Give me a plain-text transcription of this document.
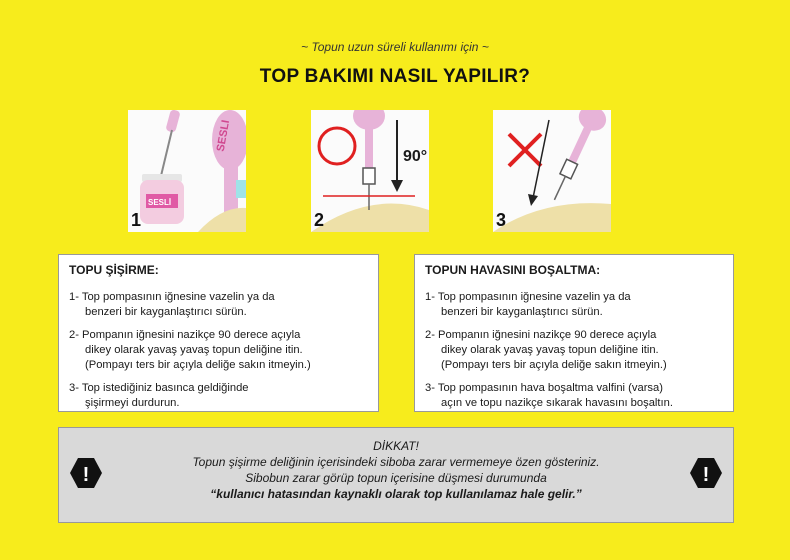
~ Topun uzun süreli kullanımı için ~
TOP BAKIMI NASIL YAPILIR?
SESLI
SESLİ
1
90°
2	3
TOPU ŞİŞİRME:
1- Top pompasının iğnesine vazelin ya da
benzeri bir kayganlaştırıcı sürün.
2- Pompanın iğnesini nazikçe 90 derece açıyla
dikey olarak yavaş yavaş topun deliğine itin.
(Pompayı ters bir açıyla deliğe sakın itmeyin.)
3- Top istediğiniz basınca geldiğinde
şişirmeyi durdurun.
TOPUN HAVASINI BOŞALTMA:
1- Top pompasının iğnesine vazelin ya da
benzeri bir kayganlaştırıcı sürün.
2- Pompanın iğnesini nazikçe 90 derece açıyla
dikey olarak yavaş yavaş topun deliğine itin.
(Pompayı ters bir açıyla deliğe sakın itmeyin.)
3- Top pompasının hava boşaltma valfini (varsa)
açın ve topu nazikçe sıkarak havasını boşaltın.
!
DİKKAT!
Topun şişirme deliğinin içerisindeki siboba zarar vermemeye özen gösteriniz.
Sibobun zarar görüp topun içerisine düşmesi durumunda
“kullanıcı hatasından kaynaklı olarak top kullanılamaz hale gelir.”
!
